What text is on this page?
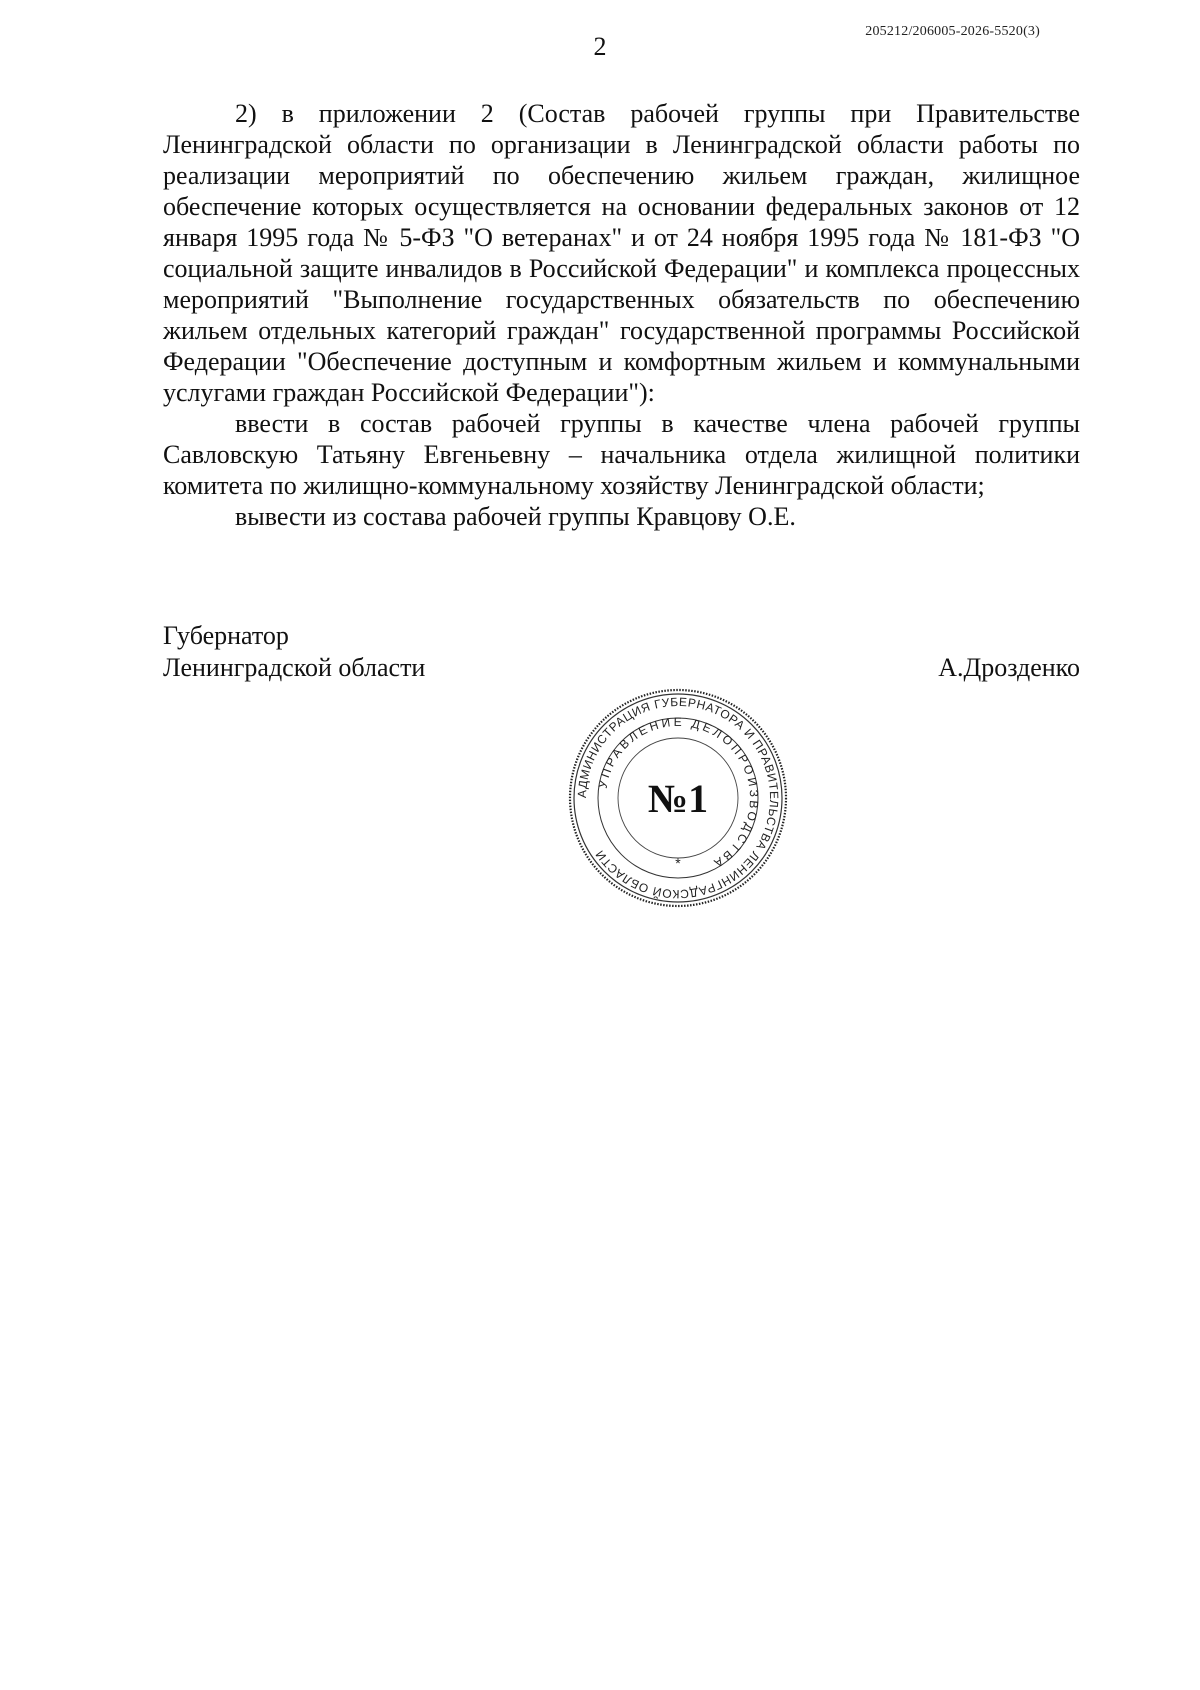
205212/206005-2026-5520(3)
2

2) в приложении 2 (Состав рабочей группы при Правительстве Ленинградской области по организации в Ленинградской области работы по реализации мероприятий по обеспечению жильем граждан, жилищное обеспечение которых осуществляется на основании федеральных законов от 12 января 1995 года № 5-ФЗ "О ветеранах" и от 24 ноября 1995 года № 181-ФЗ "О социальной защите инвалидов в Российской Федерации" и комплекса процессных мероприятий "Выполнение государственных обязательств по обеспечению жильем отдельных категорий граждан" государственной программы Российской Федерации "Обеспечение доступным и комфортным жильем и коммунальными услугами граждан Российской Федерации"):

ввести в состав рабочей группы в качестве члена рабочей группы Савловскую Татьяну Евгеньевну – начальника отдела жилищной политики комитета по жилищно-коммунальному хозяйству Ленинградской области;

вывести из состава рабочей группы Кравцову О.Е.

Губернатор
Ленинградской области	А.Дрозденко
АДМИНИСТРАЦИЯ ГУБЕРНАТОРА И ПРАВИТЕЛЬСТВА ЛЕНИНГРАДСКОЙ ОБЛАСТИ
УПРАВЛЕНИЕ ДЕЛОПРОИЗВОДСТВА
№1
*
